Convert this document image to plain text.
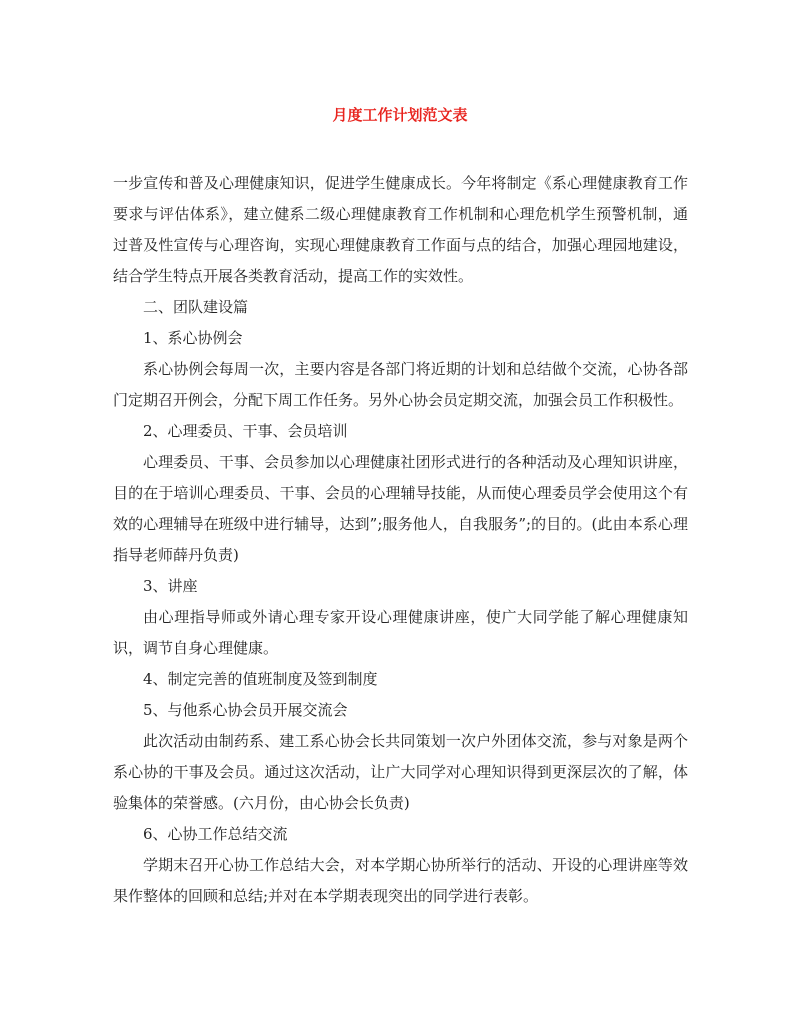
月度工作计划范文表

一步宣传和普及心理健康知识，促进学生健康成长。今年将制定《系心理健康教育工作要求与评估体系》，建立健系二级心理健康教育工作机制和心理危机学生预警机制，通过普及性宣传与心理咨询，实现心理健康教育工作面与点的结合，加强心理园地建设，结合学生特点开展各类教育活动，提高工作的实效性。

二、团队建设篇

1、系心协例会

系心协例会每周一次，主要内容是各部门将近期的计划和总结做个交流，心协各部门定期召开例会，分配下周工作任务。另外心协会员定期交流，加强会员工作积极性。

2、心理委员、干事、会员培训

心理委员、干事、会员参加以心理健康社团形式进行的各种活动及心理知识讲座，目的在于培训心理委员、干事、会员的心理辅导技能，从而使心理委员学会使用这个有效的心理辅导在班级中进行辅导，达到”;服务他人，自我服务”;的目的。(此由本系心理指导老师薛丹负责)

3、讲座

由心理指导师或外请心理专家开设心理健康讲座，使广大同学能了解心理健康知识，调节自身心理健康。

4、制定完善的值班制度及签到制度

5、与他系心协会员开展交流会

此次活动由制药系、建工系心协会长共同策划一次户外团体交流，参与对象是两个系心协的干事及会员。通过这次活动，让广大同学对心理知识得到更深层次的了解，体验集体的荣誉感。(六月份，由心协会长负责)

6、心协工作总结交流

学期末召开心协工作总结大会，对本学期心协所举行的活动、开设的心理讲座等效果作整体的回顾和总结;并对在本学期表现突出的同学进行表彰。
